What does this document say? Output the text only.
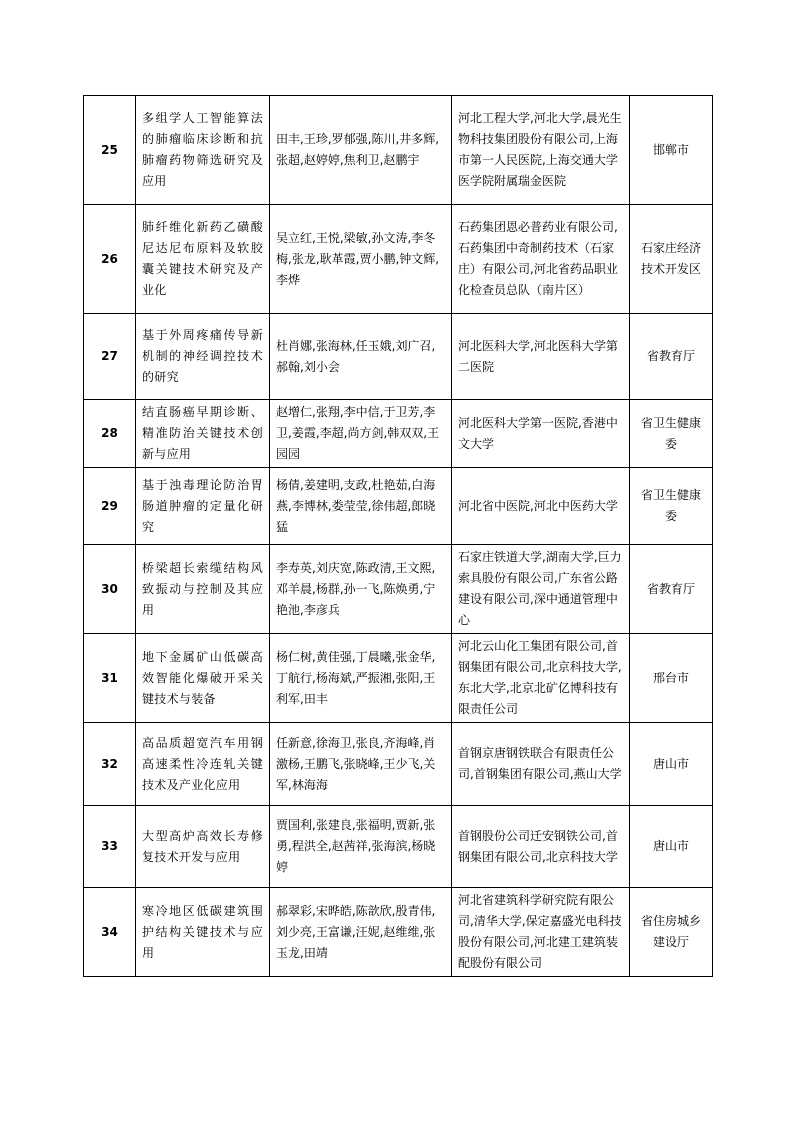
25	多组学人工智能算法的肺瘤临床诊断和抗肺瘤药物筛选研究及应用	田丰,王珍,罗郁强,陈川,井多辉,张超,赵婷婷,焦利卫,赵鹏宇	河北工程大学,河北大学,晨光生物科技集团股份有限公司,上海市第一人民医院,上海交通大学医学院附属瑞金医院	邯郸市
26	肺纤维化新药乙磺酸尼达尼布原料及软胶囊关键技术研究及产业化	吴立红,王悦,梁敏,孙文涛,李冬梅,张龙,耿革霞,贾小鹏,钟文辉,李烨	石药集团恩必普药业有限公司,石药集团中奇制药技术（石家庄）有限公司,河北省药品职业化检查员总队（南片区）	石家庄经济技术开发区
27	基于外周疼痛传导新机制的神经调控技术的研究	杜肖娜,张海林,任玉娥,刘广召,郝翰,刘小会	河北医科大学,河北医科大学第二医院	省教育厅
28	结直肠癌早期诊断、精准防治关键技术创新与应用	赵增仁,张翔,李中信,于卫芳,李卫,姜霞,李超,尚方剑,韩双双,王园园	河北医科大学第一医院,香港中文大学	省卫生健康委
29	基于浊毒理论防治胃肠道肿瘤的定量化研究	杨倩,姜建明,支政,杜艳茹,白海燕,李博林,娄莹莹,徐伟超,郎晓猛	河北省中医院,河北中医药大学	省卫生健康委
30	桥梁超长索缆结构风致振动与控制及其应用	李寿英,刘庆宽,陈政清,王文熙,邓羊晨,杨群,孙一飞,陈焕勇,宁艳池,李彦兵	石家庄铁道大学,湖南大学,巨力索具股份有限公司,广东省公路建设有限公司,深中通道管理中心	省教育厅
31	地下金属矿山低碳高效智能化爆破开采关键技术与装备	杨仁树,黄佳强,丁晨曦,张金华,丁航行,杨海斌,严振湘,张阳,王利军,田丰	河北云山化工集团有限公司,首钢集团有限公司,北京科技大学,东北大学,北京北矿亿博科技有限责任公司	邢台市
32	高品质超宽汽车用钢高速柔性冷连轧关键技术及产业化应用	任新意,徐海卫,张良,齐海峰,肖激杨,王鹏飞,张晓峰,王少飞,关军,林海海	首钢京唐钢铁联合有限责任公司,首钢集团有限公司,燕山大学	唐山市
33	大型高炉高效长寿修复技术开发与应用	贾国利,张建良,张福明,贾新,张勇,程洪全,赵茜祥,张海滨,杨晓婷	首钢股份公司迁安钢铁公司,首钢集团有限公司,北京科技大学	唐山市
34	寒冷地区低碳建筑围护结构关键技术与应用	郝翠彩,宋晔皓,陈歆欣,殷青伟,刘少亮,王富谦,汪妮,赵维维,张玉龙,田靖	河北省建筑科学研究院有限公司,清华大学,保定嘉盛光电科技股份有限公司,河北建工建筑装配股份有限公司	省住房城乡建设厅
